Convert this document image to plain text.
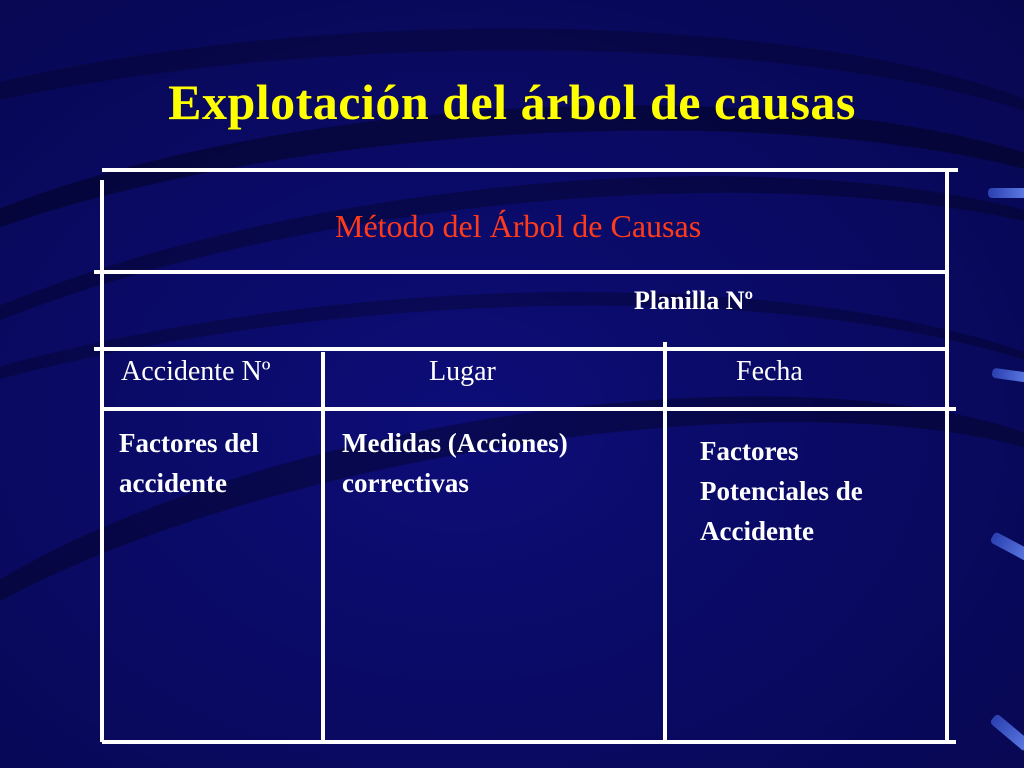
Explotación del árbol de causas
Método del Árbol de Causas
Planilla Nº
Accidente Nº	Lugar	Fecha
Factores del
accidente
Medidas (Acciones)
correctivas
Factores
Potenciales de
Accidente
